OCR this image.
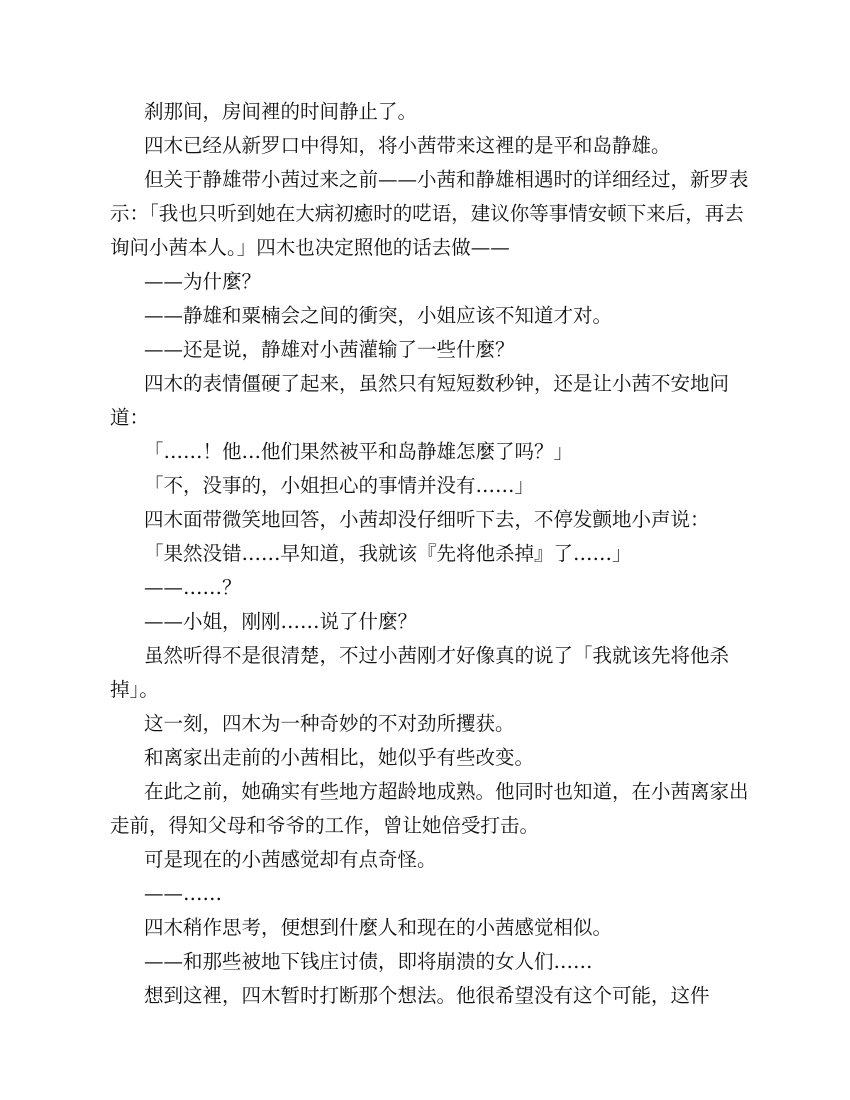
刹那间，房间裡的时间静止了。

四木已经从新罗口中得知，将小茜带来这裡的是平和岛静雄。

但关于静雄带小茜过来之前——小茜和静雄相遇时的详细经过，新罗表示：「我也只听到她在大病初癒时的呓语，建议你等事情安顿下来后，再去询问小茜本人。」四木也决定照他的话去做——

——为什麼？

——静雄和粟楠会之间的衝突，小姐应该不知道才对。

——还是说，静雄对小茜灌输了一些什麼？

四木的表情僵硬了起来，虽然只有短短数秒钟，还是让小茜不安地问道：

「……！他…他们果然被平和岛静雄怎麼了吗？」

「不，没事的，小姐担心的事情并没有……」

四木面带微笑地回答，小茜却没仔细听下去，不停发颤地小声说：

「果然没错……早知道，我就该『先将他杀掉』了……」

——……？

——小姐，刚刚……说了什麼？

虽然听得不是很清楚，不过小茜刚才好像真的说了「我就该先将他杀掉」。

这一刻，四木为一种奇妙的不对劲所攫获。

和离家出走前的小茜相比，她似乎有些改变。

在此之前，她确实有些地方超龄地成熟。他同时也知道，在小茜离家出走前，得知父母和爷爷的工作，曾让她倍受打击。

可是现在的小茜感觉却有点奇怪。

——……

四木稍作思考，便想到什麼人和现在的小茜感觉相似。

——和那些被地下钱庄讨债，即将崩溃的女人们……

想到这裡，四木暂时打断那个想法。他很希望没有这个可能，这件
